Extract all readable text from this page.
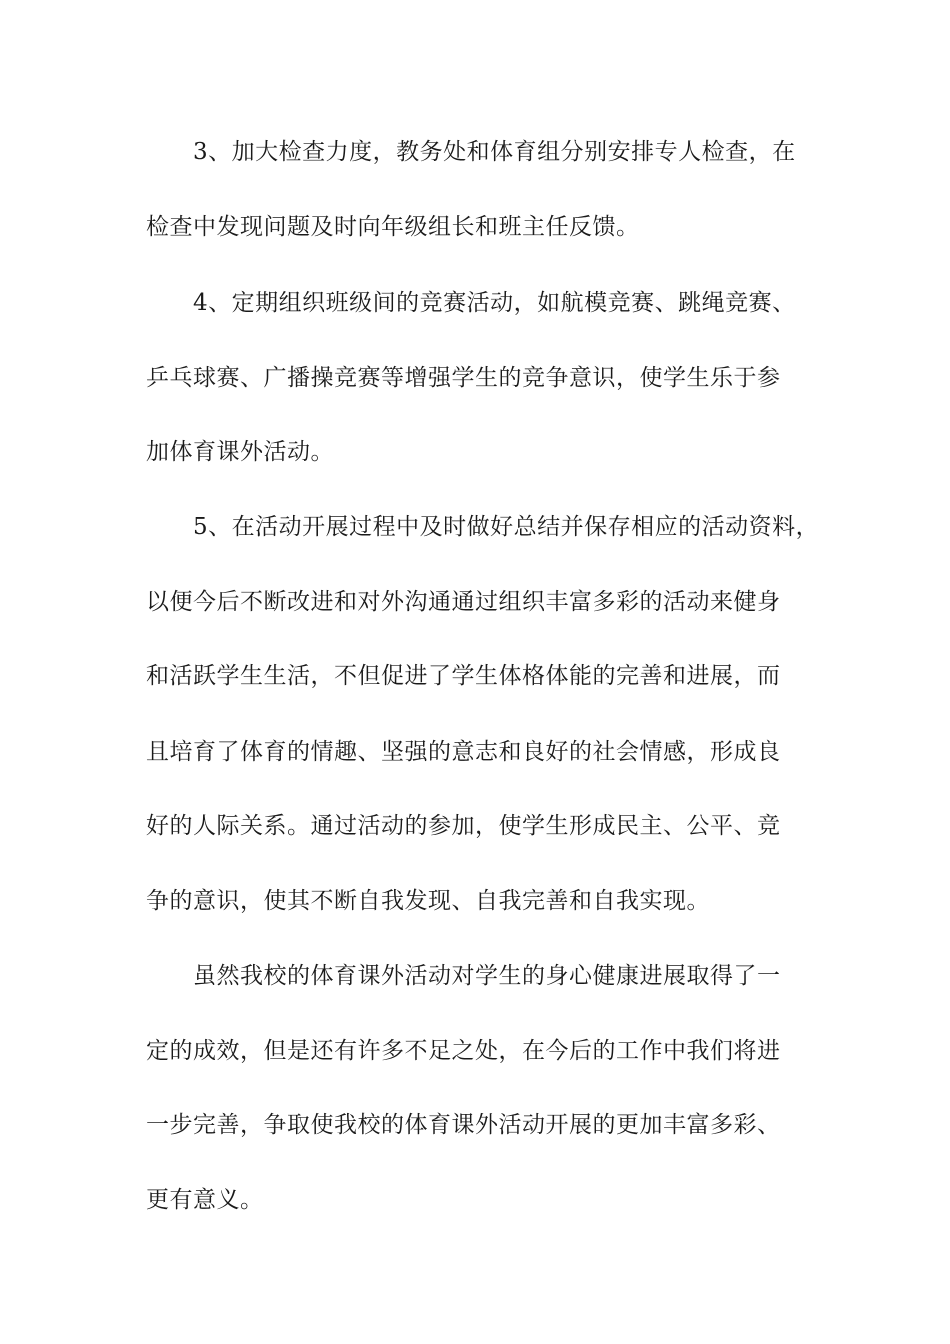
3、加大检查力度，教务处和体育组分别安排专人检查，在
检查中发现问题及时向年级组长和班主任反馈。
4、定期组织班级间的竞赛活动，如航模竞赛、跳绳竞赛、
乒乓球赛、广播操竞赛等增强学生的竞争意识，使学生乐于参
加体育课外活动。
5、在活动开展过程中及时做好总结并保存相应的活动资料，
以便今后不断改进和对外沟通通过组织丰富多彩的活动来健身
和活跃学生生活，不但促进了学生体格体能的完善和进展，而
且培育了体育的情趣、坚强的意志和良好的社会情感，形成良
好的人际关系。通过活动的参加，使学生形成民主、公平、竞
争的意识，使其不断自我发现、自我完善和自我实现。
虽然我校的体育课外活动对学生的身心健康进展取得了一
定的成效，但是还有许多不足之处，在今后的工作中我们将进
一步完善，争取使我校的体育课外活动开展的更加丰富多彩、
更有意义。
